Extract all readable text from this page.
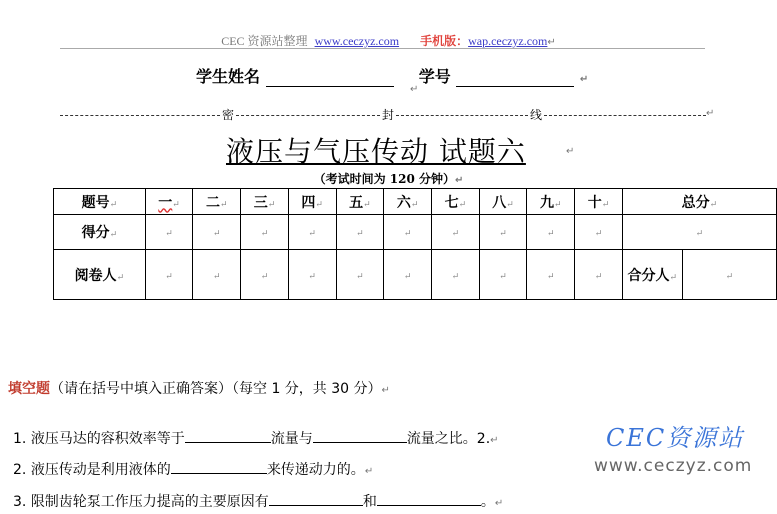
CEC 资源站整理 www.ceczyz.com 手机版：wap.ceczyz.com↵
学生姓名	学号	↵
↵
密	封	线	↵
液压与气压传动 试题六	↵
（考试时间为 120 分钟）↵
题号↵	一↵	二↵	三↵	四↵	五↵	六↵	七↵	八↵	九↵	十↵	总分↵	
得分↵	↵	↵	↵	↵	↵	↵	↵	↵	↵	↵	↵	
阅卷人↵	↵	↵	↵	↵	↵	↵	↵	↵	↵	↵	合分人↵	↵
填空题（请在括号中填入正确答案）（每空 1 分，共 30 分）↵
1. 液压马达的容积效率等于	流量与	流量之比。2.↵
2. 液压传动是利用液体的	来传递动力的。↵
3. 限制齿轮泵工作压力提高的主要原因有	和	。↵
CEC资源站
www.ceczyz.com
